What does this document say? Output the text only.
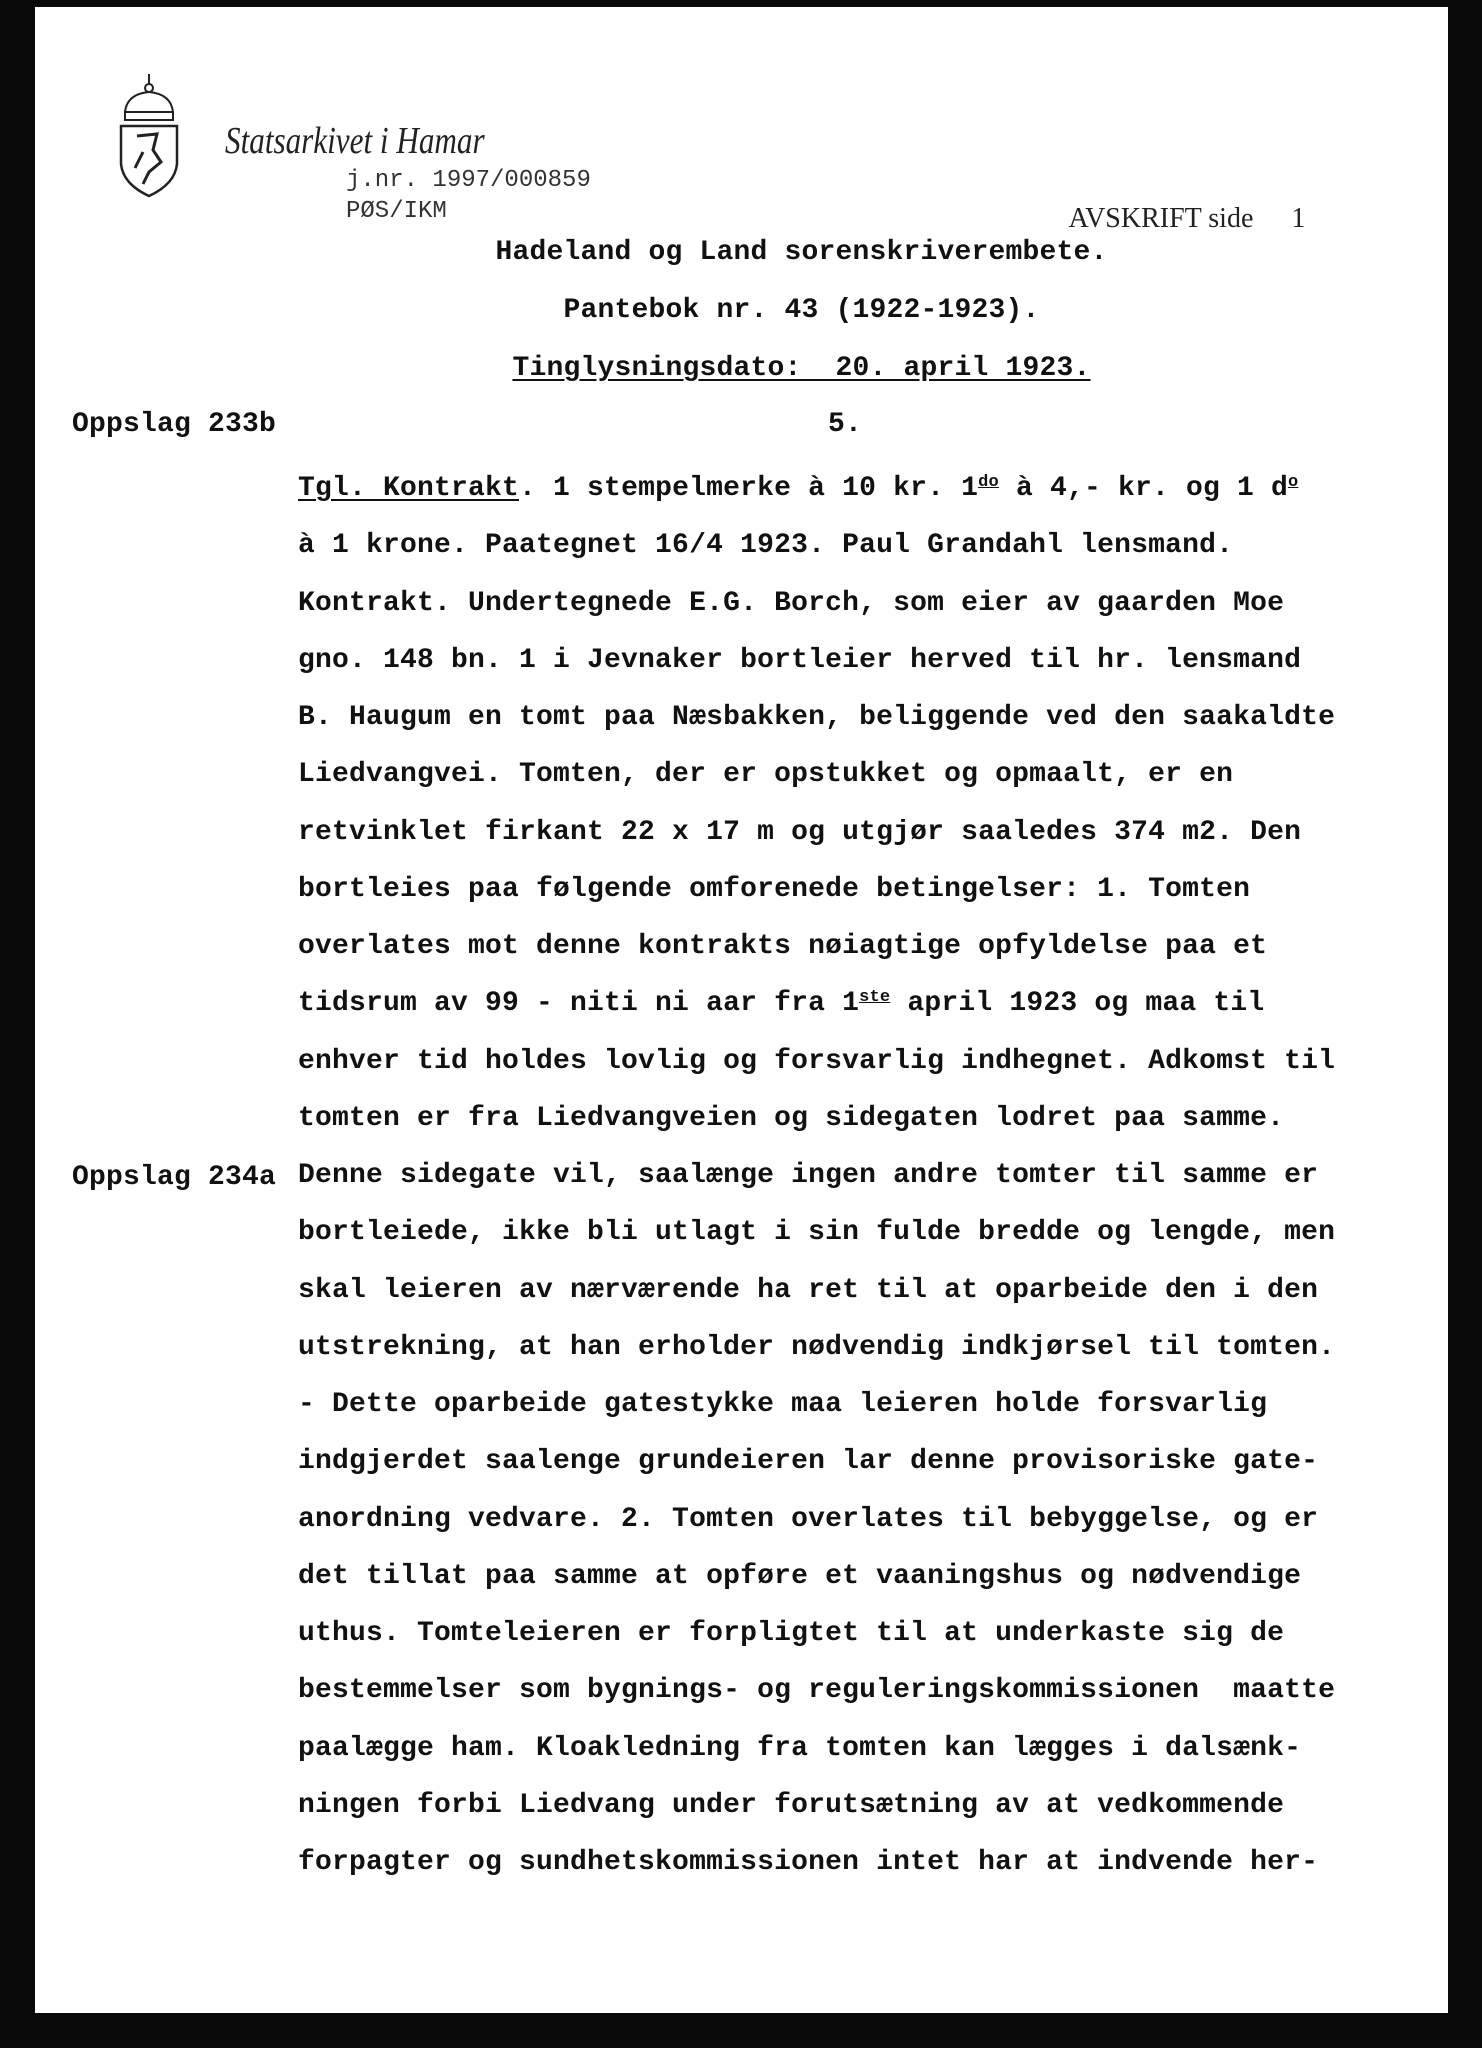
Statsarkivet i Hamar
j.nr. 1997/000859
PØS/IKM	AVSKRIFT side 1

Hadeland og Land sorenskriverembete.
Pantebok nr. 43 (1922-1923).
Tinglysningsdato:  20. april 1923.
Oppslag 233b	5.
Oppslag 234a
Tgl. Kontrakt. 1 stempelmerke à 10 kr. $1^{do}$ à 4,- kr. og 1 $d^o$
à 1 krone. Paategnet 16/4 1923. Paul Grandahl lensmand.
Kontrakt. Undertegnede E.G. Borch, som eier av gaarden Moe
gno. 148 bn. 1 i Jevnaker bortleier herved til hr. lensmand
B. Haugum en tomt paa Næsbakken, beliggende ved den saakaldte
Liedvangvei. Tomten, der er opstukket og opmaalt, er en
retvinklet firkant 22 x 17 m og utgjør saaledes 374 m2. Den
bortleies paa følgende omforenede betingelser: 1. Tomten
overlates mot denne kontrakts nøiagtige opfyldelse paa et
tidsrum av 99 - niti ni aar fra 1ste april 1923 og maa til
enhver tid holdes lovlig og forsvarlig indhegnet. Adkomst til
tomten er fra Liedvangveien og sidegaten lodret paa samme.
Denne sidegate vil, saalænge ingen andre tomter til samme er
bortleiede, ikke bli utlagt i sin fulde bredde og lengde, men
skal leieren av nærværende ha ret til at oparbeide den i den
utstrekning, at han erholder nødvendig indkjørsel til tomten.
- Dette oparbeide gatestykke maa leieren holde forsvarlig
indgjerdet saalenge grundeieren lar denne provisoriske gate-
anordning vedvare. 2. Tomten overlates til bebyggelse, og er
det tillat paa samme at opføre et vaaningshus og nødvendige
uthus. Tomteleieren er forpligtet til at underkaste sig de
bestemmelser som bygnings- og reguleringskommissionen  maatte
paalægge ham. Kloakledning fra tomten kan lægges i dalsænk-
ningen forbi Liedvang under forutsætning av at vedkommende
forpagter og sundhetskommissionen intet har at indvende her-
